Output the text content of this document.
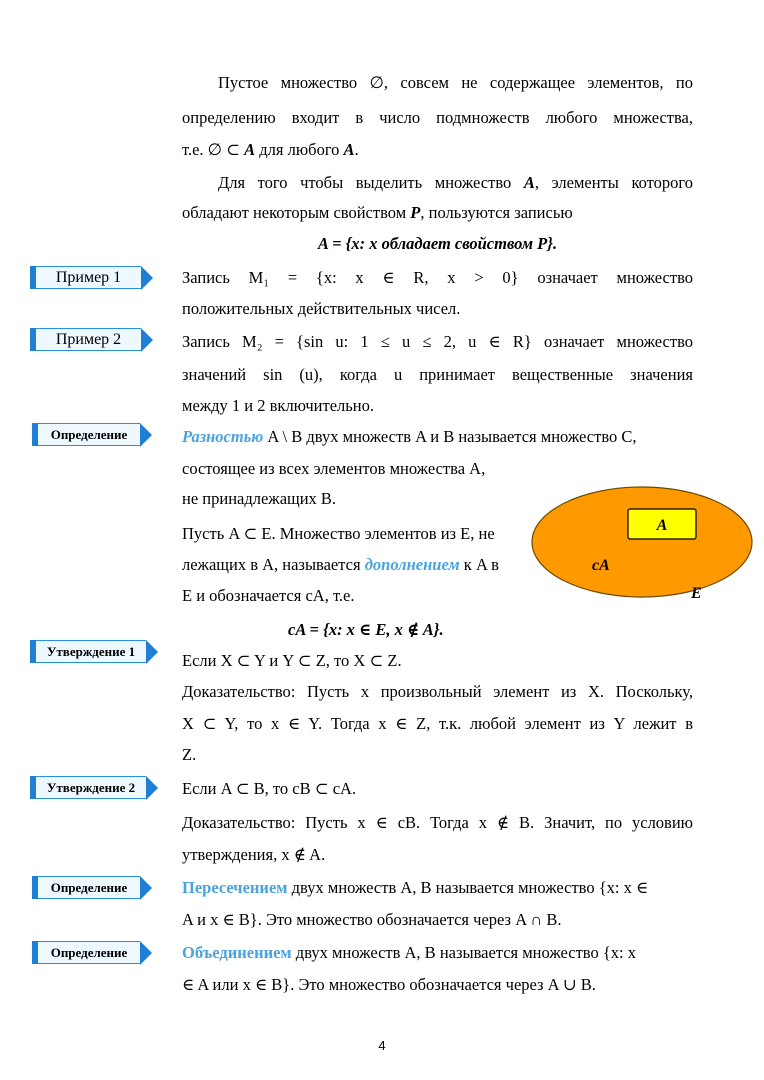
Пустое множество ∅, совсем не содержащее элементов, по
определению входит в число подмножеств любого множества,
т.е. ∅ ⊂ A для любого A.
Для того чтобы выделить множество A, элементы которого
обладают некоторым свойством P, пользуются записью
A = {x: x обладает свойством P}.
Пример 1	Запись M₁ = {x: x ∈ R, x > 0} означает множество
положительных действительных чисел.
Пример 2	Запись M₂ = {sin u: 1 ≤ u ≤ 2, u ∈ R} означает множество
значений sin (u), когда u принимает вещественные значения
между 1 и 2 включительно.
Определение	Разностью A \ B двух множеств A и B называется множество C,
состоящее из всех элементов множества A,
не принадлежащих B.
Пусть A ⊂ E. Множество элементов из E, не
лежащих в A, называется дополнением к A в
E и обозначается cA, т.е.
cA = {x: x ∈ E, x ∉ A}.
A
cA
E
Утверждение 1	Если X ⊂ Y и Y ⊂ Z, то X ⊂ Z.
Доказательство: Пусть x произвольный элемент из X. Поскольку,
X ⊂ Y, то x ∈ Y. Тогда x ∈ Z, т.к. любой элемент из Y лежит в
Z.
Утверждение 2	Если A ⊂ B, то cB ⊂ cA.
Доказательство: Пусть x ∈ cB. Тогда x ∉ B. Значит, по условию
утверждения, x ∉ A.
Определение	Пересечением двух множеств A, B называется множество {x: x ∈
A и x ∈ B}. Это множество обозначается через A ∩ B.
Определение	Объединением двух множеств A, B называется множество {x: x
∈ A или x ∈ B}. Это множество обозначается через A ∪ B.
4
